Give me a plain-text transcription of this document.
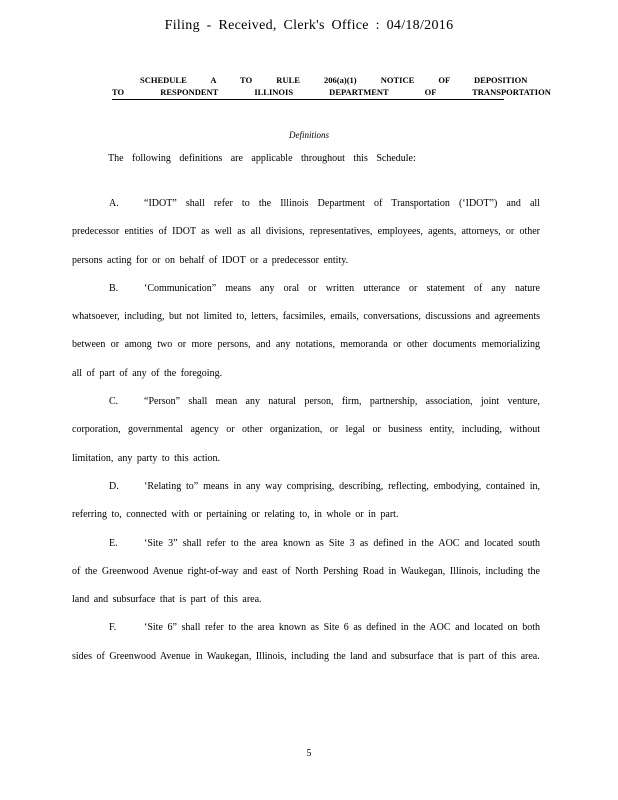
Filing - Received, Clerk's Office : 04/18/2016
SCHEDULE A TO RULE 206(a)(1) NOTICE OF DEPOSITION
TO RESPONDENT ILLINOIS DEPARTMENT OF TRANSPORTATION
Definitions
The following definitions are applicable throughout this Schedule:

A.	“IDOT” shall refer to the Illinois Department of Transportation (‘IDOT”) and all predecessor entities of IDOT as well as all divisions, representatives, employees, agents, attorneys, or other persons acting for or on behalf of IDOT or a predecessor entity.

B.	‘Communication” means any oral or written utterance or statement of any nature whatsoever, including, but not limited to, letters, facsimiles, emails, conversations, discussions and agreements between or among two or more persons, and any notations, memoranda or other documents memorializing all of part of any of the foregoing.

C.	“Person” shall mean any natural person, firm, partnership, association, joint venture, corporation, governmental agency or other organization, or legal or business entity, including, without limitation, any party to this action.

D.	‘Relating to” means in any way comprising, describing, reflecting, embodying, contained in, referring to, connected with or pertaining or relating to, in whole or in part.

E.	‘Site 3” shall refer to the area known as Site 3 as defined in the AOC and located south of the Greenwood Avenue right-of-way and east of North Pershing Road in Waukegan, Illinois, including the land and subsurface that is part of this area.

F.	‘Site 6” shall refer to the area known as Site 6 as defined in the AOC and located on both sides of Greenwood Avenue in Waukegan, Illinois, including the land and subsurface that is part of this area.

5
